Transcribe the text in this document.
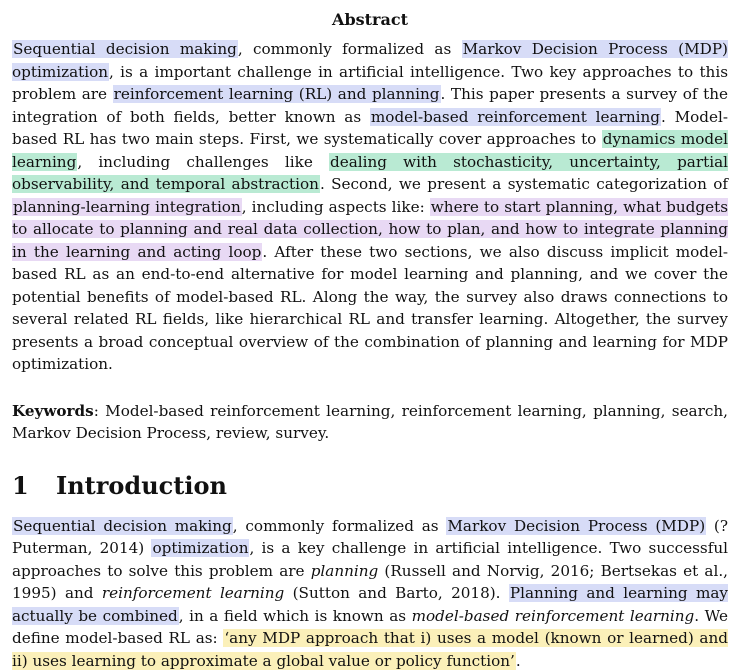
Abstract

Sequential decision making, commonly formalized as Markov Decision Process (MDP) optimization, is a important challenge in artificial intelligence. Two key approaches to this problem are reinforcement learning (RL) and planning. This paper presents a survey of the integration of both fields, better known as model-based reinforcement learning. Model-based RL has two main steps. First, we systematically cover approaches to dynamics model learning, including challenges like dealing with stochasticity, uncertainty, partial observability, and temporal abstraction. Second, we present a systematic categorization of planning-learning integration, including aspects like: where to start planning, what budgets to allocate to planning and real data collection, how to plan, and how to integrate planning in the learning and acting loop. After these two sections, we also discuss implicit model-based RL as an end-to-end alternative for model learning and planning, and we cover the potential benefits of model-based RL. Along the way, the survey also draws connections to several related RL fields, like hierarchical RL and transfer learning. Altogether, the survey presents a broad conceptual overview of the combination of planning and learning for MDP optimization.

Keywords: Model-based reinforcement learning, reinforcement learning, planning, search, Markov Decision Process, review, survey.

1 Introduction

Sequential decision making, commonly formalized as Markov Decision Process (MDP) (?Puterman, 2014) optimization, is a key challenge in artificial intelligence. Two successful approaches to solve this problem are planning (Russell and Norvig, 2016; Bertsekas et al., 1995) and reinforcement learning (Sutton and Barto, 2018). Planning and learning may actually be combined, in a field which is known as model-based reinforcement learning. We define model-based RL as: ‘any MDP approach that i) uses a model (known or learned) and ii) uses learning to approximate a global value or policy function’.
